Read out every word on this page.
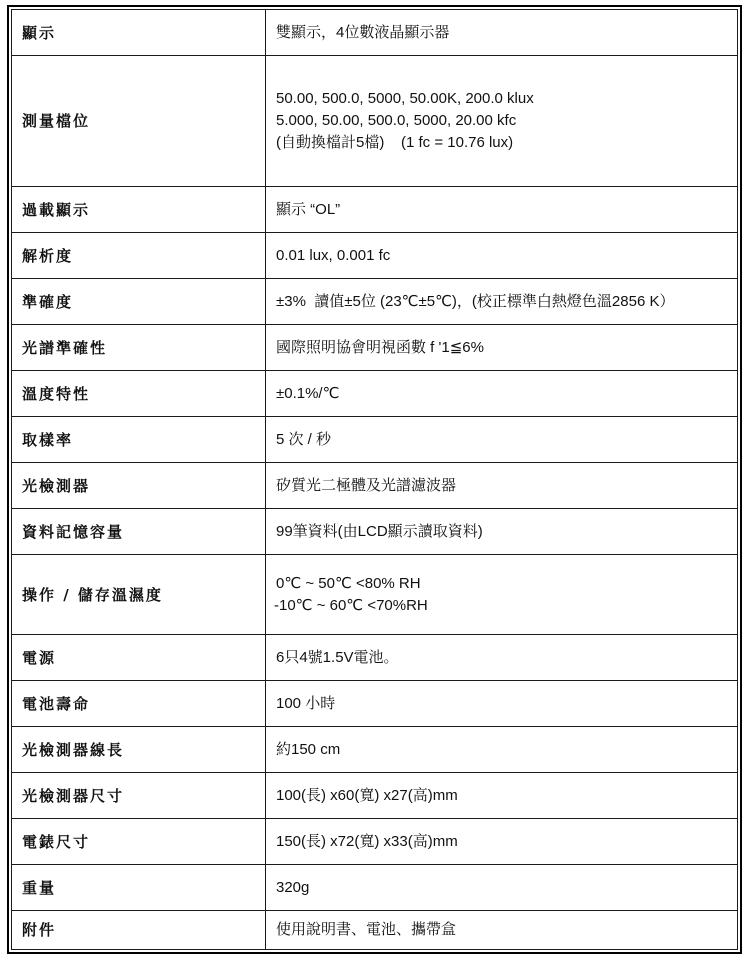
顯示	雙顯示，4位數液晶顯示器

測量檔位	50.00, 500.0, 5000, 50.00K, 200.0 klux
5.000, 50.00, 500.0, 5000, 20.00 kfc
(自動換檔計5檔)    (1 fc = 10.76 lux)

過載顯示	顯示 “OL”

解析度	0.01 lux, 0.001 fc

準確度	±3%  讀值±5位 (23℃±5℃)，(校正標準白熱燈色溫2856 K）

光譜準確性	國際照明協會明視函數 f '1≦6%

溫度特性	±0.1%/℃

取樣率	5 次 / 秒

光檢測器	矽質光二極體及光譜濾波器

資料記憶容量	99筆資料(由LCD顯示讀取資料)

操作 / 儲存溫濕度	0℃ ~ 50℃ <80% RH
-10℃ ~ 60℃ <70%RH

電源	6只4號1.5V電池。

電池壽命	100 小時

光檢測器線長	約150 cm

光檢測器尺寸	100(長) x60(寬) x27(高)mm

電錶尺寸	150(長) x72(寬) x33(高)mm

重量	320g

附件	使用說明書、電池、攜帶盒
